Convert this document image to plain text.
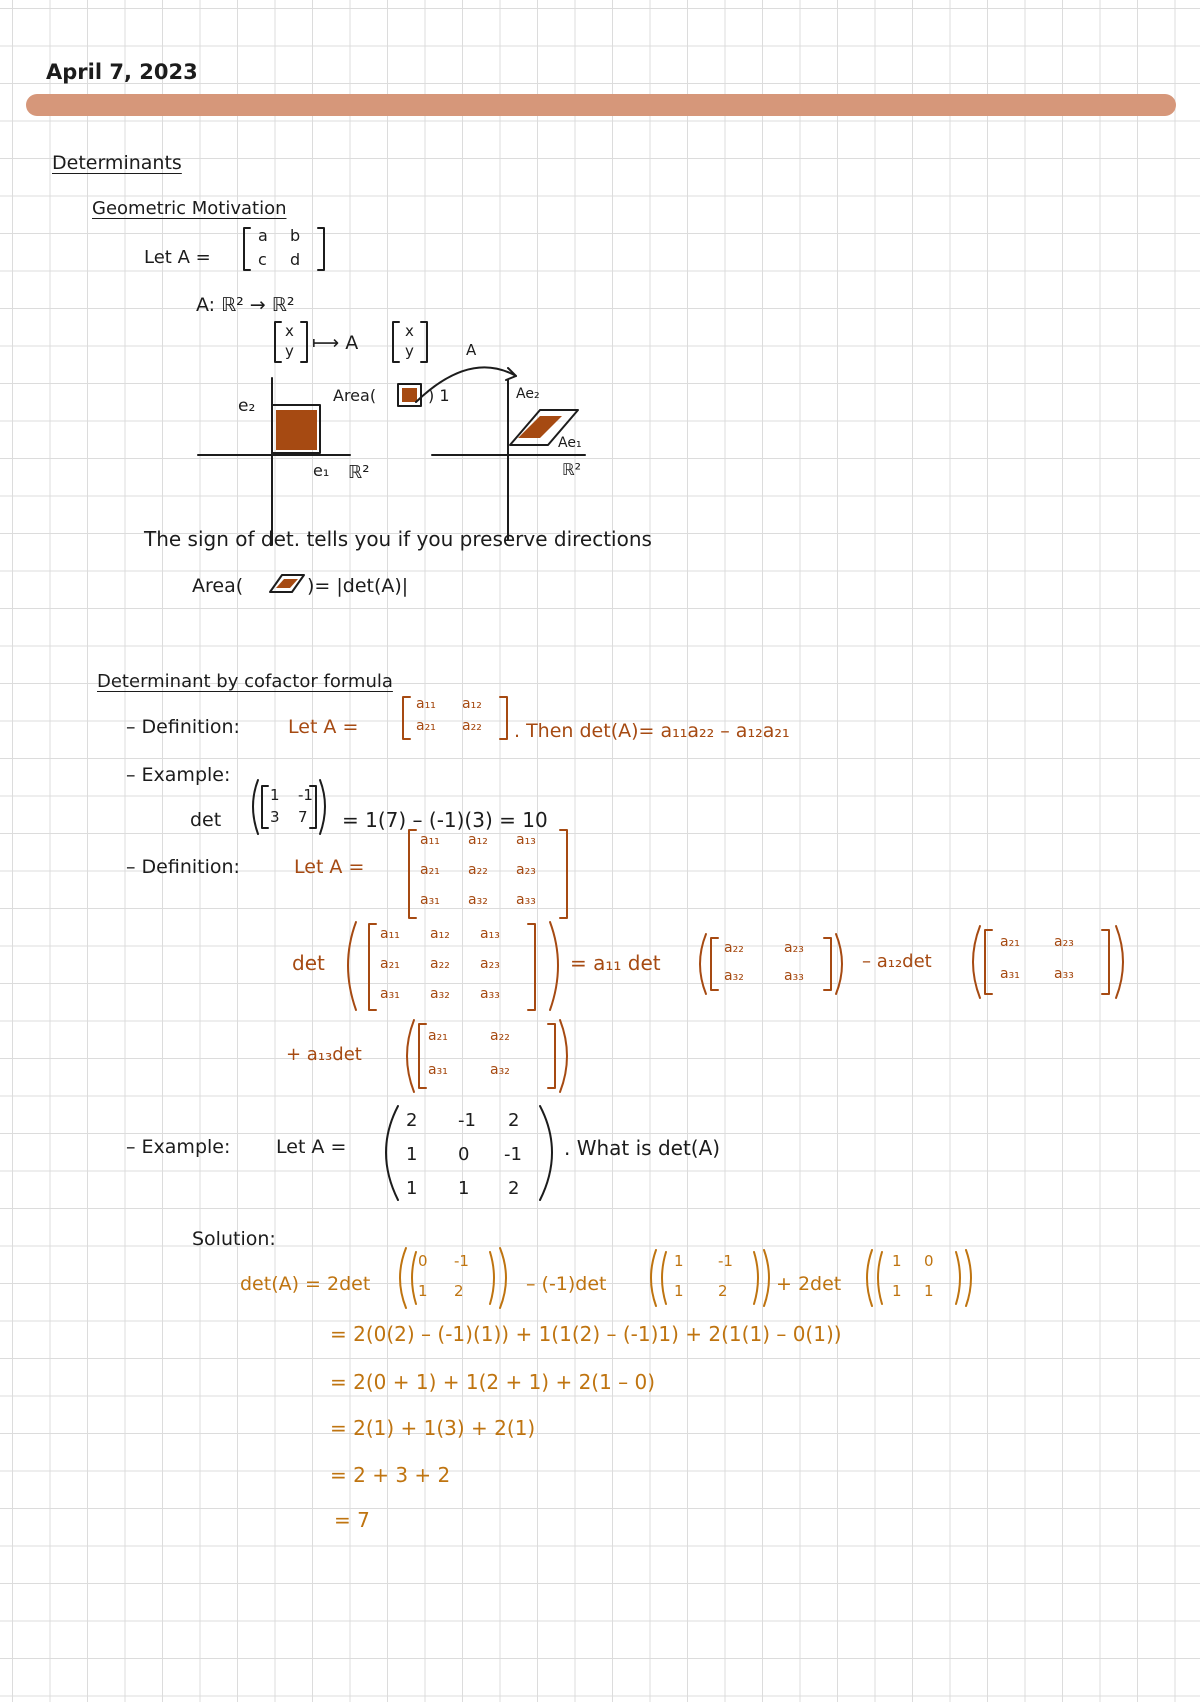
April 7, 2023
Determinants
Geometric Motivation
Let A =
a b
c d
A: ℝ² → ℝ²
x
y ⟼ A
x
y	A
e₂
e₁ ℝ²
Area(	) 1	Ae₂
Ae₁
ℝ²
The sign of det. tells you if you preserve directions
Area(	)= |det(A)|
Determinant by cofactor formula
– Definition:	Let A =
a₁₁ a₁₂
a₂₁ a₂₂ . Then det(A)= a₁₁a₂₂ – a₁₂a₂₁
– Example:
det
1 -1
3 7 = 1(7) – (-1)(3) = 10
– Definition:	Let A =
a₁₁ a₁₂ a₁₃
a₂₁ a₂₂ a₂₃
a₃₁ a₃₂ a₃₃
det
a₁₁ a₁₂ a₁₃
a₂₁ a₂₂ a₂₃
a₃₁ a₃₂ a₃₃
= a₁₁ det
a₂₂	a₂₃
a₃₂	a₃₃
– a₁₂det
a₂₁ a₂₃
a₃₁ a₃₃
+ a₁₃det
a₂₁	a₂₂
a₃₁	a₃₂
– Example: Let A =
2 -1 2
1 0 -1
1 1 2
. What is det(A)
Solution:
det(A) = 2det
0 -1
1 2	– (-1)det
1 -1
1 2	+ 2det
1 0
1 1
= 2(0(2) – (-1)(1)) + 1(1(2) – (-1)1) + 2(1(1) – 0(1))
= 2(0 + 1) + 1(2 + 1) + 2(1 – 0)
= 2(1) + 1(3) + 2(1)
= 2 + 3 + 2
= 7
